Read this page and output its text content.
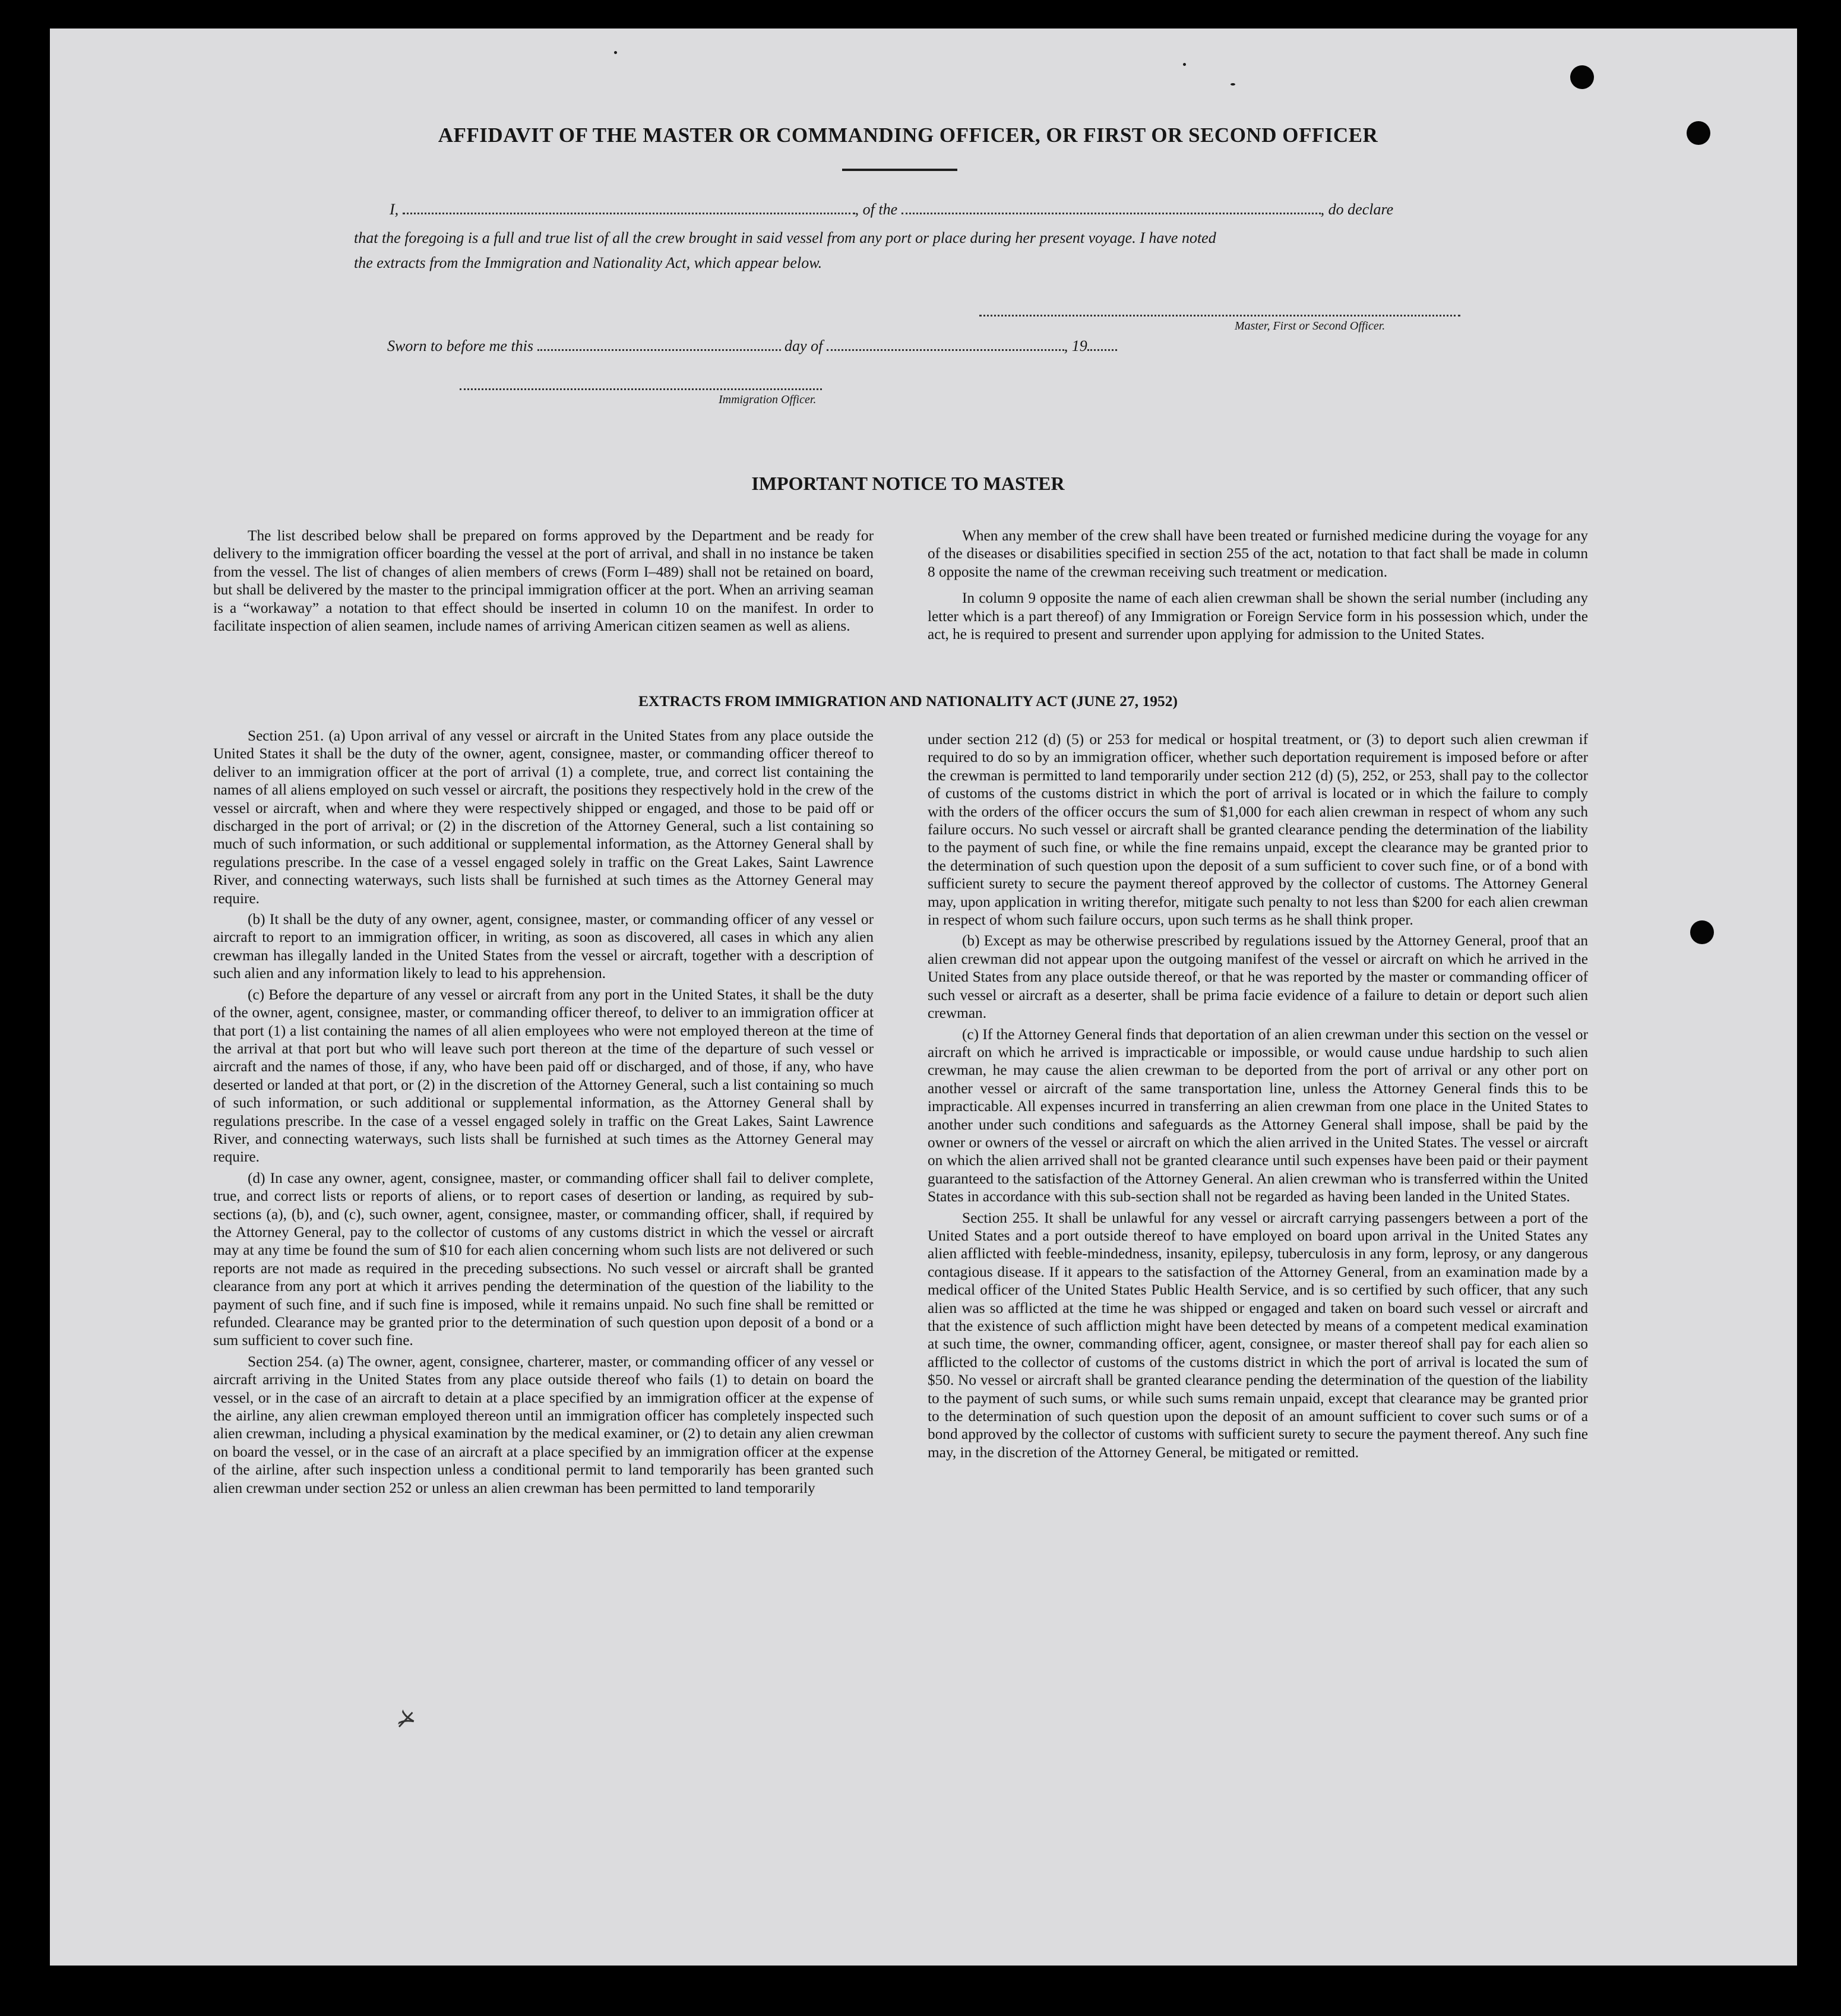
AFFIDAVIT OF THE MASTER OR COMMANDING OFFICER, OR FIRST OR SECOND OFFICER
I,	, of the	, do declare
that the foregoing is a full and true list of all the crew brought in said vessel from any port or place during her present voyage. I have noted
the extracts from the Immigration and Nationality Act, which appear below.
Master, First or Second Officer.
Sworn to before me this	day of	, 19
Immigration Officer.
IMPORTANT NOTICE TO MASTER

The list described below shall be prepared on forms approved by the Department and be ready for delivery to the immigration officer boarding the vessel at the port of arrival, and shall in no instance be taken from the vessel. The list of changes of alien members of crews (Form I–489) shall not be retained on board, but shall be delivered by the master to the principal immigration officer at the port. When an arriving seaman is a “workaway” a notation to that effect should be inserted in column 10 on the manifest. In order to facilitate inspection of alien seamen, include names of arriving American citizen seamen as well as aliens.

When any member of the crew shall have been treated or furnished medicine during the voyage for any of the diseases or disabilities specified in section 255 of the act, notation to that fact shall be made in column 8 opposite the name of the crewman receiving such treatment or medication.

In column 9 opposite the name of each alien crewman shall be shown the serial number (including any letter which is a part thereof) of any Immigration or Foreign Service form in his possession which, under the act, he is required to present and surrender upon applying for admission to the United States.

EXTRACTS FROM IMMIGRATION AND NATIONALITY ACT (JUNE 27, 1952)

Section 251. (a) Upon arrival of any vessel or aircraft in the United States from any place outside the United States it shall be the duty of the owner, agent, consignee, master, or commanding officer thereof to deliver to an immigration officer at the port of arrival (1) a complete, true, and correct list containing the names of all aliens employed on such vessel or aircraft, the positions they respectively hold in the crew of the vessel or aircraft, when and where they were respectively shipped or engaged, and those to be paid off or discharged in the port of arrival; or (2) in the discretion of the Attorney General, such a list containing so much of such information, or such additional or supplemental information, as the Attorney General shall by regulations prescribe. In the case of a vessel engaged solely in traffic on the Great Lakes, Saint Lawrence River, and connecting waterways, such lists shall be furnished at such times as the Attorney General may require.

(b) It shall be the duty of any owner, agent, consignee, master, or commanding officer of any vessel or aircraft to report to an immigration officer, in writing, as soon as discovered, all cases in which any alien crewman has illegally landed in the United States from the vessel or aircraft, together with a description of such alien and any information likely to lead to his apprehension.

(c) Before the departure of any vessel or aircraft from any port in the United States, it shall be the duty of the owner, agent, consignee, master, or commanding officer thereof, to deliver to an immigration officer at that port (1) a list containing the names of all alien employees who were not employed thereon at the time of the arrival at that port but who will leave such port thereon at the time of the departure of such vessel or aircraft and the names of those, if any, who have been paid off or discharged, and of those, if any, who have deserted or landed at that port, or (2) in the discretion of the Attorney General, such a list containing so much of such information, or such additional or supplemental information, as the Attorney General shall by regulations prescribe. In the case of a vessel engaged solely in traffic on the Great Lakes, Saint Lawrence River, and connecting waterways, such lists shall be furnished at such times as the Attorney General may require.

(d) In case any owner, agent, consignee, master, or commanding officer shall fail to deliver complete, true, and correct lists or reports of aliens, or to report cases of desertion or landing, as required by sub-sections (a), (b), and (c), such owner, agent, consignee, master, or commanding officer, shall, if required by the Attorney General, pay to the collector of customs of any customs district in which the vessel or aircraft may at any time be found the sum of $10 for each alien concerning whom such lists are not delivered or such reports are not made as required in the preceding subsections. No such vessel or aircraft shall be granted clearance from any port at which it arrives pending the determination of the question of the liability to the payment of such fine, and if such fine is imposed, while it remains unpaid. No such fine shall be remitted or refunded. Clearance may be granted prior to the determination of such question upon deposit of a bond or a sum sufficient to cover such fine.

Section 254. (a) The owner, agent, consignee, charterer, master, or commanding officer of any vessel or aircraft arriving in the United States from any place outside thereof who fails (1) to detain on board the vessel, or in the case of an aircraft to detain at a place specified by an immigration officer at the expense of the airline, any alien crewman employed thereon until an immigration officer has completely inspected such alien crewman, including a physical examination by the medical examiner, or (2) to detain any alien crewman on board the vessel, or in the case of an aircraft at a place specified by an immigration officer at the expense of the airline, after such inspection unless a conditional permit to land temporarily has been granted such alien crewman under section 252 or unless an alien crewman has been permitted to land temporarily

under section 212 (d) (5) or 253 for medical or hospital treatment, or (3) to deport such alien crewman if required to do so by an immigration officer, whether such deportation requirement is imposed before or after the crewman is permitted to land temporarily under section 212 (d) (5), 252, or 253, shall pay to the collector of customs of the customs district in which the port of arrival is located or in which the failure to comply with the orders of the officer occurs the sum of $1,000 for each alien crewman in respect of whom any such failure occurs. No such vessel or aircraft shall be granted clearance pending the determination of the liability to the payment of such fine, or while the fine remains unpaid, except the clearance may be granted prior to the determination of such question upon the deposit of a sum sufficient to cover such fine, or of a bond with sufficient surety to secure the payment thereof approved by the collector of customs. The Attorney General may, upon application in writing therefor, mitigate such penalty to not less than $200 for each alien crewman in respect of whom such failure occurs, upon such terms as he shall think proper.

(b) Except as may be otherwise prescribed by regulations issued by the Attorney General, proof that an alien crewman did not appear upon the outgoing manifest of the vessel or aircraft on which he arrived in the United States from any place outside thereof, or that he was reported by the master or commanding officer of such vessel or aircraft as a deserter, shall be prima facie evidence of a failure to detain or deport such alien crewman.

(c) If the Attorney General finds that deportation of an alien crewman under this section on the vessel or aircraft on which he arrived is impracticable or impossible, or would cause undue hardship to such alien crewman, he may cause the alien crewman to be deported from the port of arrival or any other port on another vessel or aircraft of the same transportation line, unless the Attorney General finds this to be impracticable. All expenses incurred in transferring an alien crewman from one place in the United States to another under such conditions and safeguards as the Attorney General shall impose, shall be paid by the owner or owners of the vessel or aircraft on which the alien arrived in the United States. The vessel or aircraft on which the alien arrived shall not be granted clearance until such expenses have been paid or their payment guaranteed to the satisfaction of the Attorney General. An alien crewman who is transferred within the United States in accordance with this sub-section shall not be regarded as having been landed in the United States.

Section 255. It shall be unlawful for any vessel or aircraft carrying passengers between a port of the United States and a port outside thereof to have employed on board upon arrival in the United States any alien afflicted with feeble-mindedness, insanity, epilepsy, tuberculosis in any form, leprosy, or any dangerous contagious disease. If it appears to the satisfaction of the Attorney General, from an examination made by a medical officer of the United States Public Health Service, and is so certified by such officer, that any such alien was so afflicted at the time he was shipped or engaged and taken on board such vessel or aircraft and that the existence of such affliction might have been detected by means of a competent medical examination at such time, the owner, commanding officer, agent, consignee, or master thereof shall pay for each alien so afflicted to the collector of customs of the customs district in which the port of arrival is located the sum of $50. No vessel or aircraft shall be granted clearance pending the determination of the question of the liability to the payment of such sums, or while such sums remain unpaid, except that clearance may be granted prior to the determination of such question upon the deposit of an amount sufficient to cover such sums or of a bond approved by the collector of customs with sufficient surety to secure the payment thereof. Any such fine may, in the discretion of the Attorney General, be mitigated or remitted.

⊁
